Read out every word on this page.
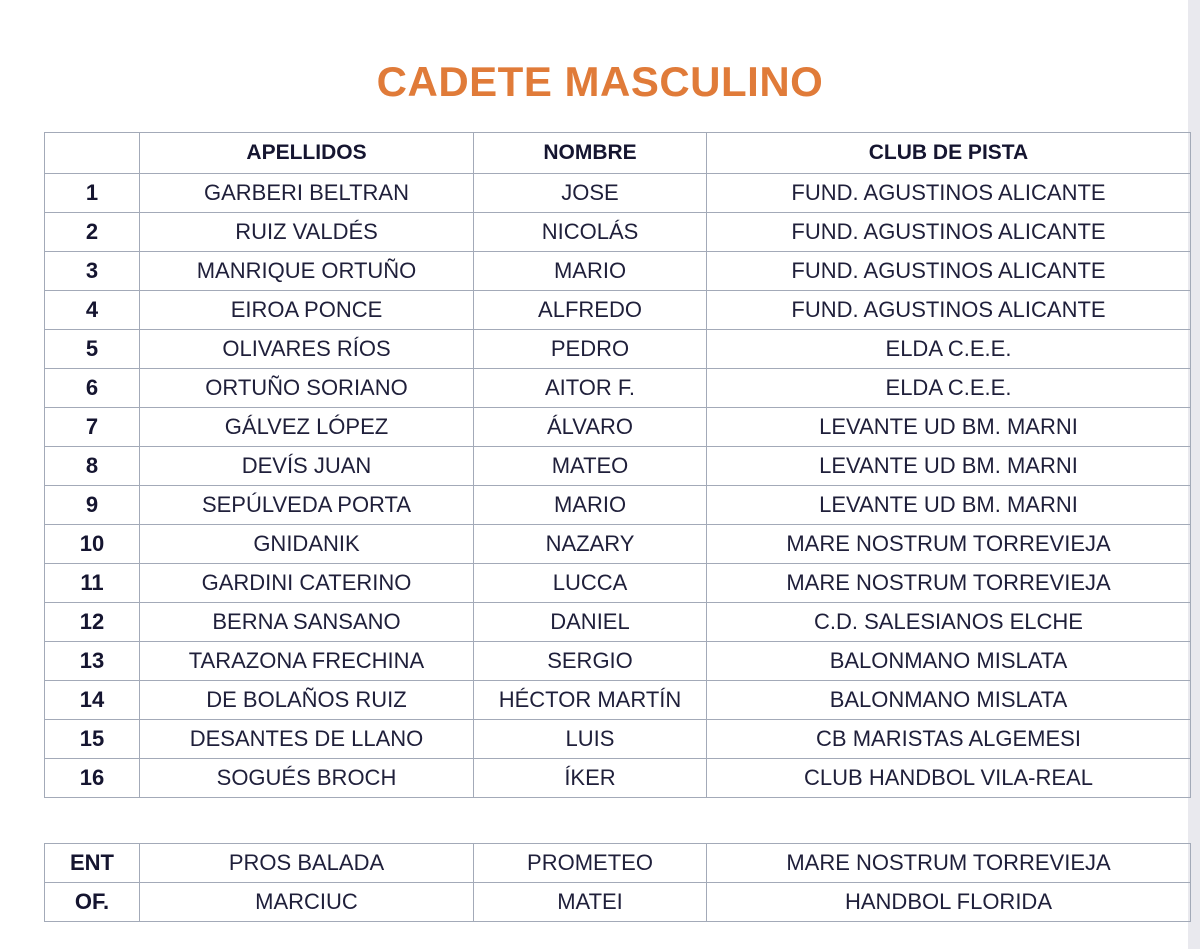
CADETE MASCULINO
	APELLIDOS	NOMBRE	CLUB DE PISTA
1	GARBERI BELTRAN	JOSE	FUND. AGUSTINOS ALICANTE
2	RUIZ VALDÉS	NICOLÁS	FUND. AGUSTINOS ALICANTE
3	MANRIQUE ORTUÑO	MARIO	FUND. AGUSTINOS ALICANTE
4	EIROA PONCE	ALFREDO	FUND. AGUSTINOS ALICANTE
5	OLIVARES RÍOS	PEDRO	ELDA C.E.E.
6	ORTUÑO SORIANO	AITOR F.	ELDA C.E.E.
7	GÁLVEZ LÓPEZ	ÁLVARO	LEVANTE UD BM. MARNI
8	DEVÍS JUAN	MATEO	LEVANTE UD BM. MARNI
9	SEPÚLVEDA PORTA	MARIO	LEVANTE UD BM. MARNI
10	GNIDANIK	NAZARY	MARE NOSTRUM TORREVIEJA
11	GARDINI CATERINO	LUCCA	MARE NOSTRUM TORREVIEJA
12	BERNA SANSANO	DANIEL	C.D. SALESIANOS ELCHE
13	TARAZONA FRECHINA	SERGIO	BALONMANO MISLATA
14	DE BOLAÑOS RUIZ	HÉCTOR MARTÍN	BALONMANO MISLATA
15	DESANTES DE LLANO	LUIS	CB MARISTAS ALGEMESI
16	SOGUÉS BROCH	ÍKER	CLUB HANDBOL VILA-REAL
ENT	PROS BALADA	PROMETEO	MARE NOSTRUM TORREVIEJA
OF.	MARCIUC	MATEI	HANDBOL FLORIDA
